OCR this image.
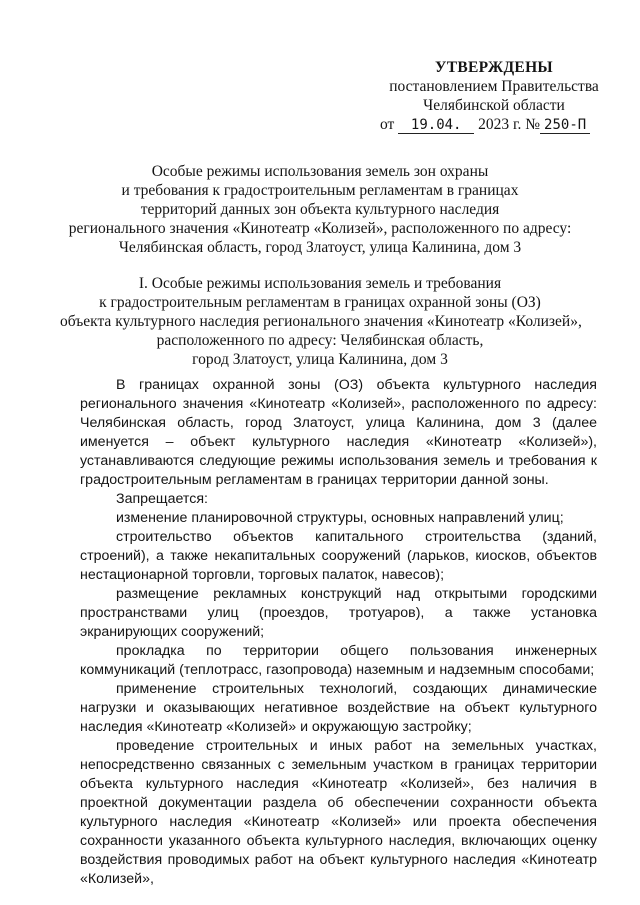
УТВЕРЖДЕНЫ
постановлением Правительства
Челябинской области
от 19.04. 2023 г. № 250-П
Особые режимы использования земель зон охраны
и требования к градостроительным регламентам в границах
территорий данных зон объекта культурного наследия
регионального значения «Кинотеатр «Колизей», расположенного по адресу:
Челябинская область, город Златоуст, улица Калинина, дом 3
I. Особые режимы использования земель и требования
к градостроительным регламентам в границах охранной зоны (ОЗ)
объекта культурного наследия регионального значения «Кинотеатр «Колизей»,
расположенного по адресу: Челябинская область,
город Златоуст, улица Калинина, дом 3

В границах охранной зоны (ОЗ) объекта культурного наследия регионального значения «Кинотеатр «Колизей», расположенного по адресу: Челябинская область, город Златоуст, улица Калинина, дом 3 (далее именуется – объект культурного наследия «Кинотеатр «Колизей»), устанавливаются следующие режимы использования земель и требования к градостроительным регламентам в границах территории данной зоны.

Запрещается:

изменение планировочной структуры, основных направлений улиц;

строительство объектов капитального строительства (зданий, строений), а также некапитальных сооружений (ларьков, киосков, объектов нестационарной торговли, торговых палаток, навесов);

размещение рекламных конструкций над открытыми городскими пространствами улиц (проездов, тротуаров), а также установка экранирующих сооружений;

прокладка по территории общего пользования инженерных коммуникаций (теплотрасс, газопровода) наземным и надземным способами;

применение строительных технологий, создающих динамические нагрузки и оказывающих негативное воздействие на объект культурного наследия «Кинотеатр «Колизей» и окружающую застройку;

проведение строительных и иных работ на земельных участках, непосредственно связанных с земельным участком в границах территории объекта культурного наследия «Кинотеатр «Колизей», без наличия в проектной документации раздела об обеспечении сохранности объекта культурного наследия «Кинотеатр «Колизей» или проекта обеспечения сохранности указанного объекта культурного наследия, включающих оценку воздействия проводимых работ на объект культурного наследия «Кинотеатр «Колизей»,
